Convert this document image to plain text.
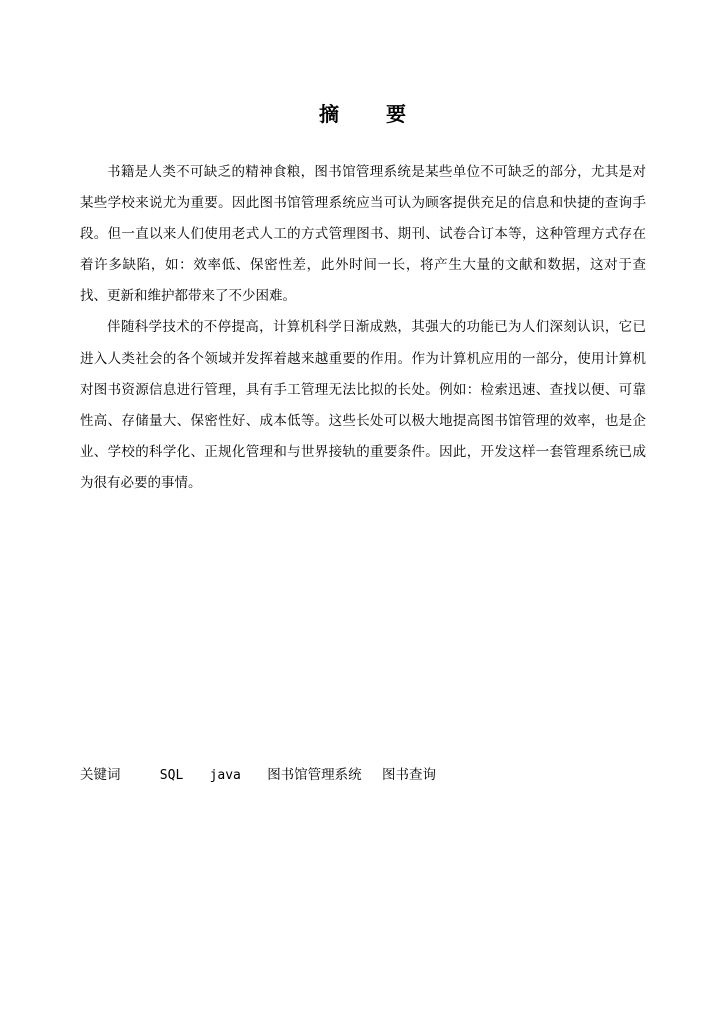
摘 要

书籍是人类不可缺乏的精神食粮，图书馆管理系统是某些单位不可缺乏的部分，尤其是对某些学校来说尤为重要。因此图书馆管理系统应当可认为顾客提供充足的信息和快捷的查询手段。但一直以来人们使用老式人工的方式管理图书、期刊、试卷合订本等，这种管理方式存在着许多缺陷，如：效率低、保密性差，此外时间一长，将产生大量的文献和数据，这对于查找、更新和维护都带来了不少困难。

伴随科学技术的不停提高，计算机科学日渐成熟，其强大的功能已为人们深刻认识，它已进入人类社会的各个领域并发挥着越来越重要的作用。作为计算机应用的一部分，使用计算机对图书资源信息进行管理，具有手工管理无法比拟的长处。例如：检索迅速、查找以便、可靠性高、存储量大、保密性好、成本低等。这些长处可以极大地提高图书馆管理的效率，也是企业、学校的科学化、正规化管理和与世界接轨的重要条件。因此，开发这样一套管理系统已成为很有必要的事情。

关键词	SQL java 图书馆管理系统 图书查询
